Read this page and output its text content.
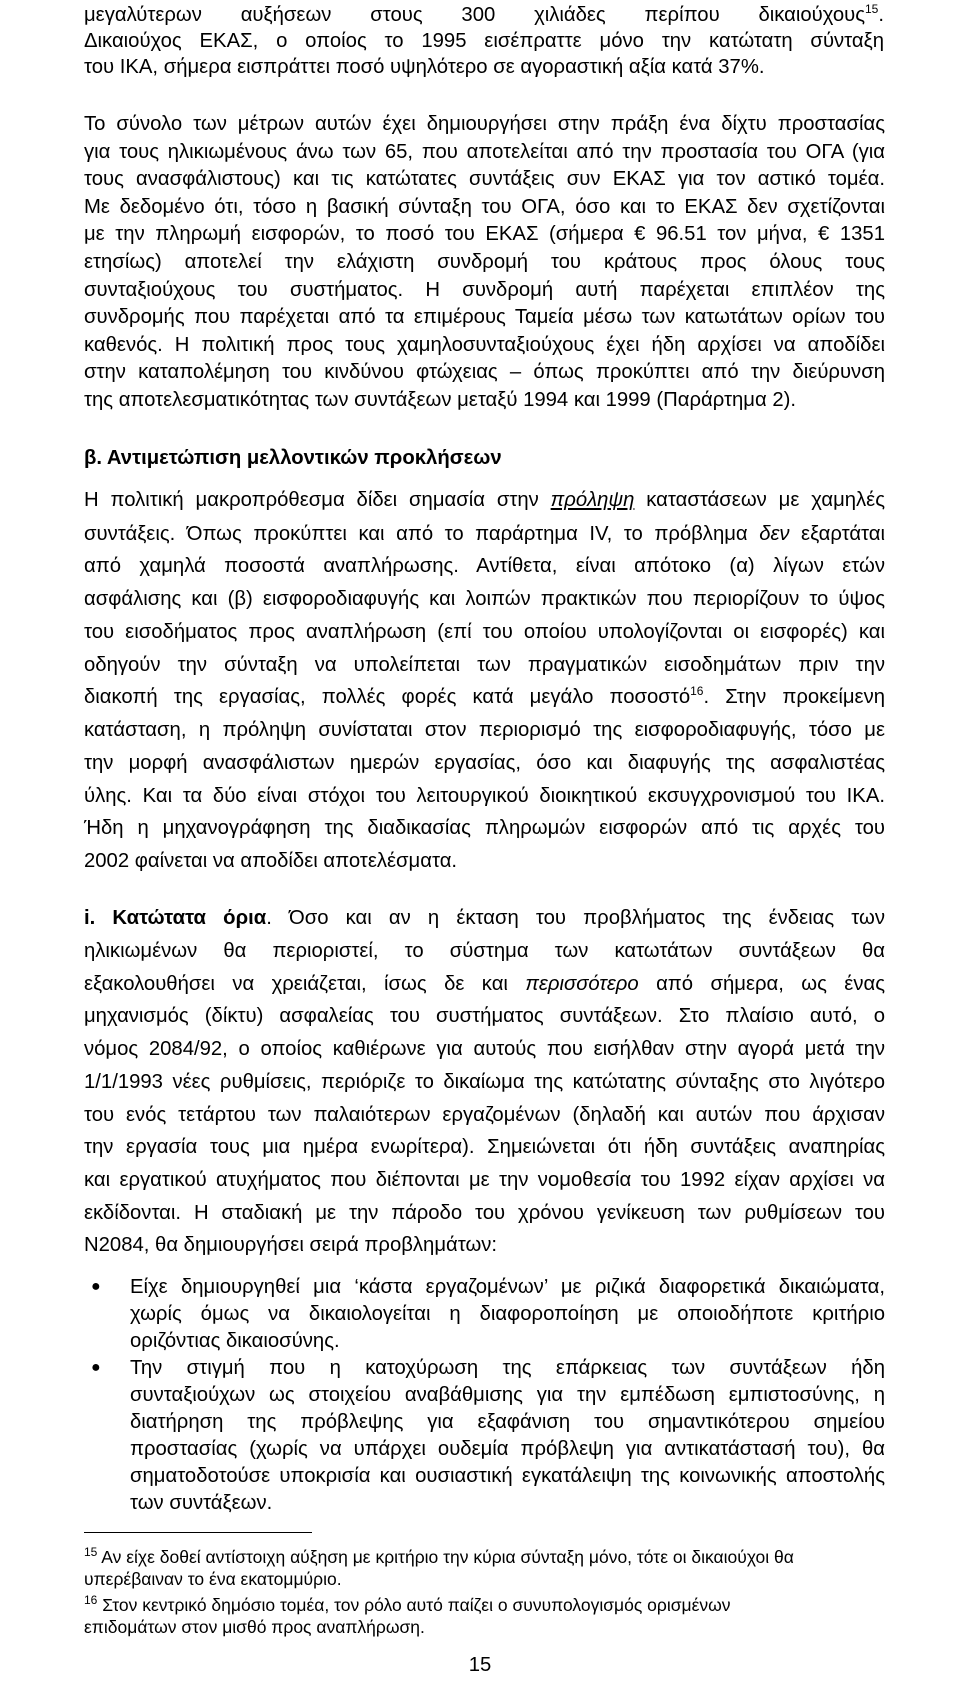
μεγαλύτερων αυξήσεων στους 300 χιλιάδες περίπου δικαιούχους$^{15}$.
Δικαιούχος ΕΚΑΣ, ο οποίος το 1995 εισέπραττε μόνο την κατώτατη σύνταξη
του ΙΚΑ, σήμερα εισπράττει ποσό υψηλότερο σε αγοραστική αξία κατά 37%.
Το σύνολο των μέτρων αυτών έχει δημιουργήσει στην πράξη ένα δίχτυ προστασίας
για τους ηλικιωμένους άνω των 65, που αποτελείται από την προστασία του ΟΓΑ (για
τους ανασφάλιστους) και τις κατώτατες συντάξεις συν ΕΚΑΣ για τον αστικό τομέα.
Με δεδομένο ότι, τόσο η βασική σύνταξη του ΟΓΑ, όσο και το ΕΚΑΣ δεν σχετίζονται
με την πληρωμή εισφορών, το ποσό του ΕΚΑΣ (σήμερα € 96.51 τον μήνα, € 1351
ετησίως) αποτελεί την ελάχιστη συνδρομή του κράτους προς όλους τους
συνταξιούχους του συστήματος. Η συνδρομή αυτή παρέχεται επιπλέον της
συνδρομής που παρέχεται από τα επιμέρους Ταμεία μέσω των κατωτάτων ορίων του
καθενός. Η πολιτική προς τους χαμηλοσυνταξιούχους έχει ήδη αρχίσει να αποδίδει
στην καταπολέμηση του κινδύνου φτώχειας – όπως προκύπτει από την διεύρυνση
της αποτελεσματικότητας των συντάξεων μεταξύ 1994 και 1999 (Παράρτημα 2).
β. Αντιμετώπιση μελλοντικών προκλήσεων
Η πολιτική μακροπρόθεσμα δίδει σημασία στην πρόληψη καταστάσεων με χαμηλές
συντάξεις. Όπως προκύπτει και από το παράρτημα IV, το πρόβλημα δεν εξαρτάται
από χαμηλά ποσοστά αναπλήρωσης. Αντίθετα, είναι απότοκο (α) λίγων ετών
ασφάλισης και (β) εισφοροδιαφυγής και λοιπών πρακτικών που περιορίζουν το ύψος
του εισοδήματος προς αναπλήρωση (επί του οποίου υπολογίζονται οι εισφορές) και
οδηγούν την σύνταξη να υπολείπεται των πραγματικών εισοδημάτων πριν την
διακοπή της εργασίας, πολλές φορές κατά μεγάλο ποσοστό$^{16}$. Στην προκείμενη
κατάσταση, η πρόληψη συνίσταται στον περιορισμό της εισφοροδιαφυγής, τόσο με
την μορφή ανασφάλιστων ημερών εργασίας, όσο και διαφυγής της ασφαλιστέας
ύλης. Και τα δύο είναι στόχοι του λειτουργικού διοικητικού εκσυγχρονισμού του ΙΚΑ.
Ήδη η μηχανογράφηση της διαδικασίας πληρωμών εισφορών από τις αρχές του
2002 φαίνεται να αποδίδει αποτελέσματα.
i. Κατώτατα όρια. Όσο και αν η έκταση του προβλήματος της ένδειας των
ηλικιωμένων θα περιοριστεί, το σύστημα των κατωτάτων συντάξεων θα
εξακολουθήσει να χρειάζεται, ίσως δε και περισσότερο από σήμερα, ως ένας
μηχανισμός (δίκτυ) ασφαλείας του συστήματος συντάξεων. Στο πλαίσιο αυτό, ο
νόμος 2084/92, ο οποίος καθιέρωνε για αυτούς που εισήλθαν στην αγορά μετά την
1/1/1993 νέες ρυθμίσεις, περιόριζε το δικαίωμα της κατώτατης σύνταξης στο λιγότερο
του ενός τετάρτου των παλαιότερων εργαζομένων (δηλαδή και αυτών που άρχισαν
την εργασία τους μια ημέρα ενωρίτερα). Σημειώνεται ότι ήδη συντάξεις αναπηρίας
και εργατικού ατυχήματος που διέπονται με την νομοθεσία του 1992 είχαν αρχίσει να
εκδίδονται. Η σταδιακή με την πάροδο του χρόνου γενίκευση των ρυθμίσεων του
Ν2084, θα δημιουργήσει σειρά προβλημάτων:
● Είχε δημιουργηθεί μια ‘κάστα εργαζομένων’ με ριζικά διαφορετικά δικαιώματα,
χωρίς όμως να δικαιολογείται η διαφοροποίηση με οποιοδήποτε κριτήριο
οριζόντιας δικαιοσύνης.
● Την στιγμή που η κατοχύρωση της επάρκειας των συντάξεων ήδη
συνταξιούχων ως στοιχείου αναβάθμισης για την εμπέδωση εμπιστοσύνης, η
διατήρηση της πρόβλεψης για εξαφάνιση του σημαντικότερου σημείου
προστασίας (χωρίς να υπάρχει ουδεμία πρόβλεψη για αντικατάστασή του), θα
σηματοδοτούσε υποκρισία και ουσιαστική εγκατάλειψη της κοινωνικής αποστολής
των συντάξεων.
$^{15}$ Αν είχε δοθεί αντίστοιχη αύξηση με κριτήριο την κύρια σύνταξη μόνο, τότε οι δικαιούχοι θα
υπερέβαιναν το ένα εκατομμύριο.
$^{16}$ Στον κεντρικό δημόσιο τομέα, τον ρόλο αυτό παίζει ο συνυπολογισμός ορισμένων
επιδομάτων στον μισθό προς αναπλήρωση.
15
